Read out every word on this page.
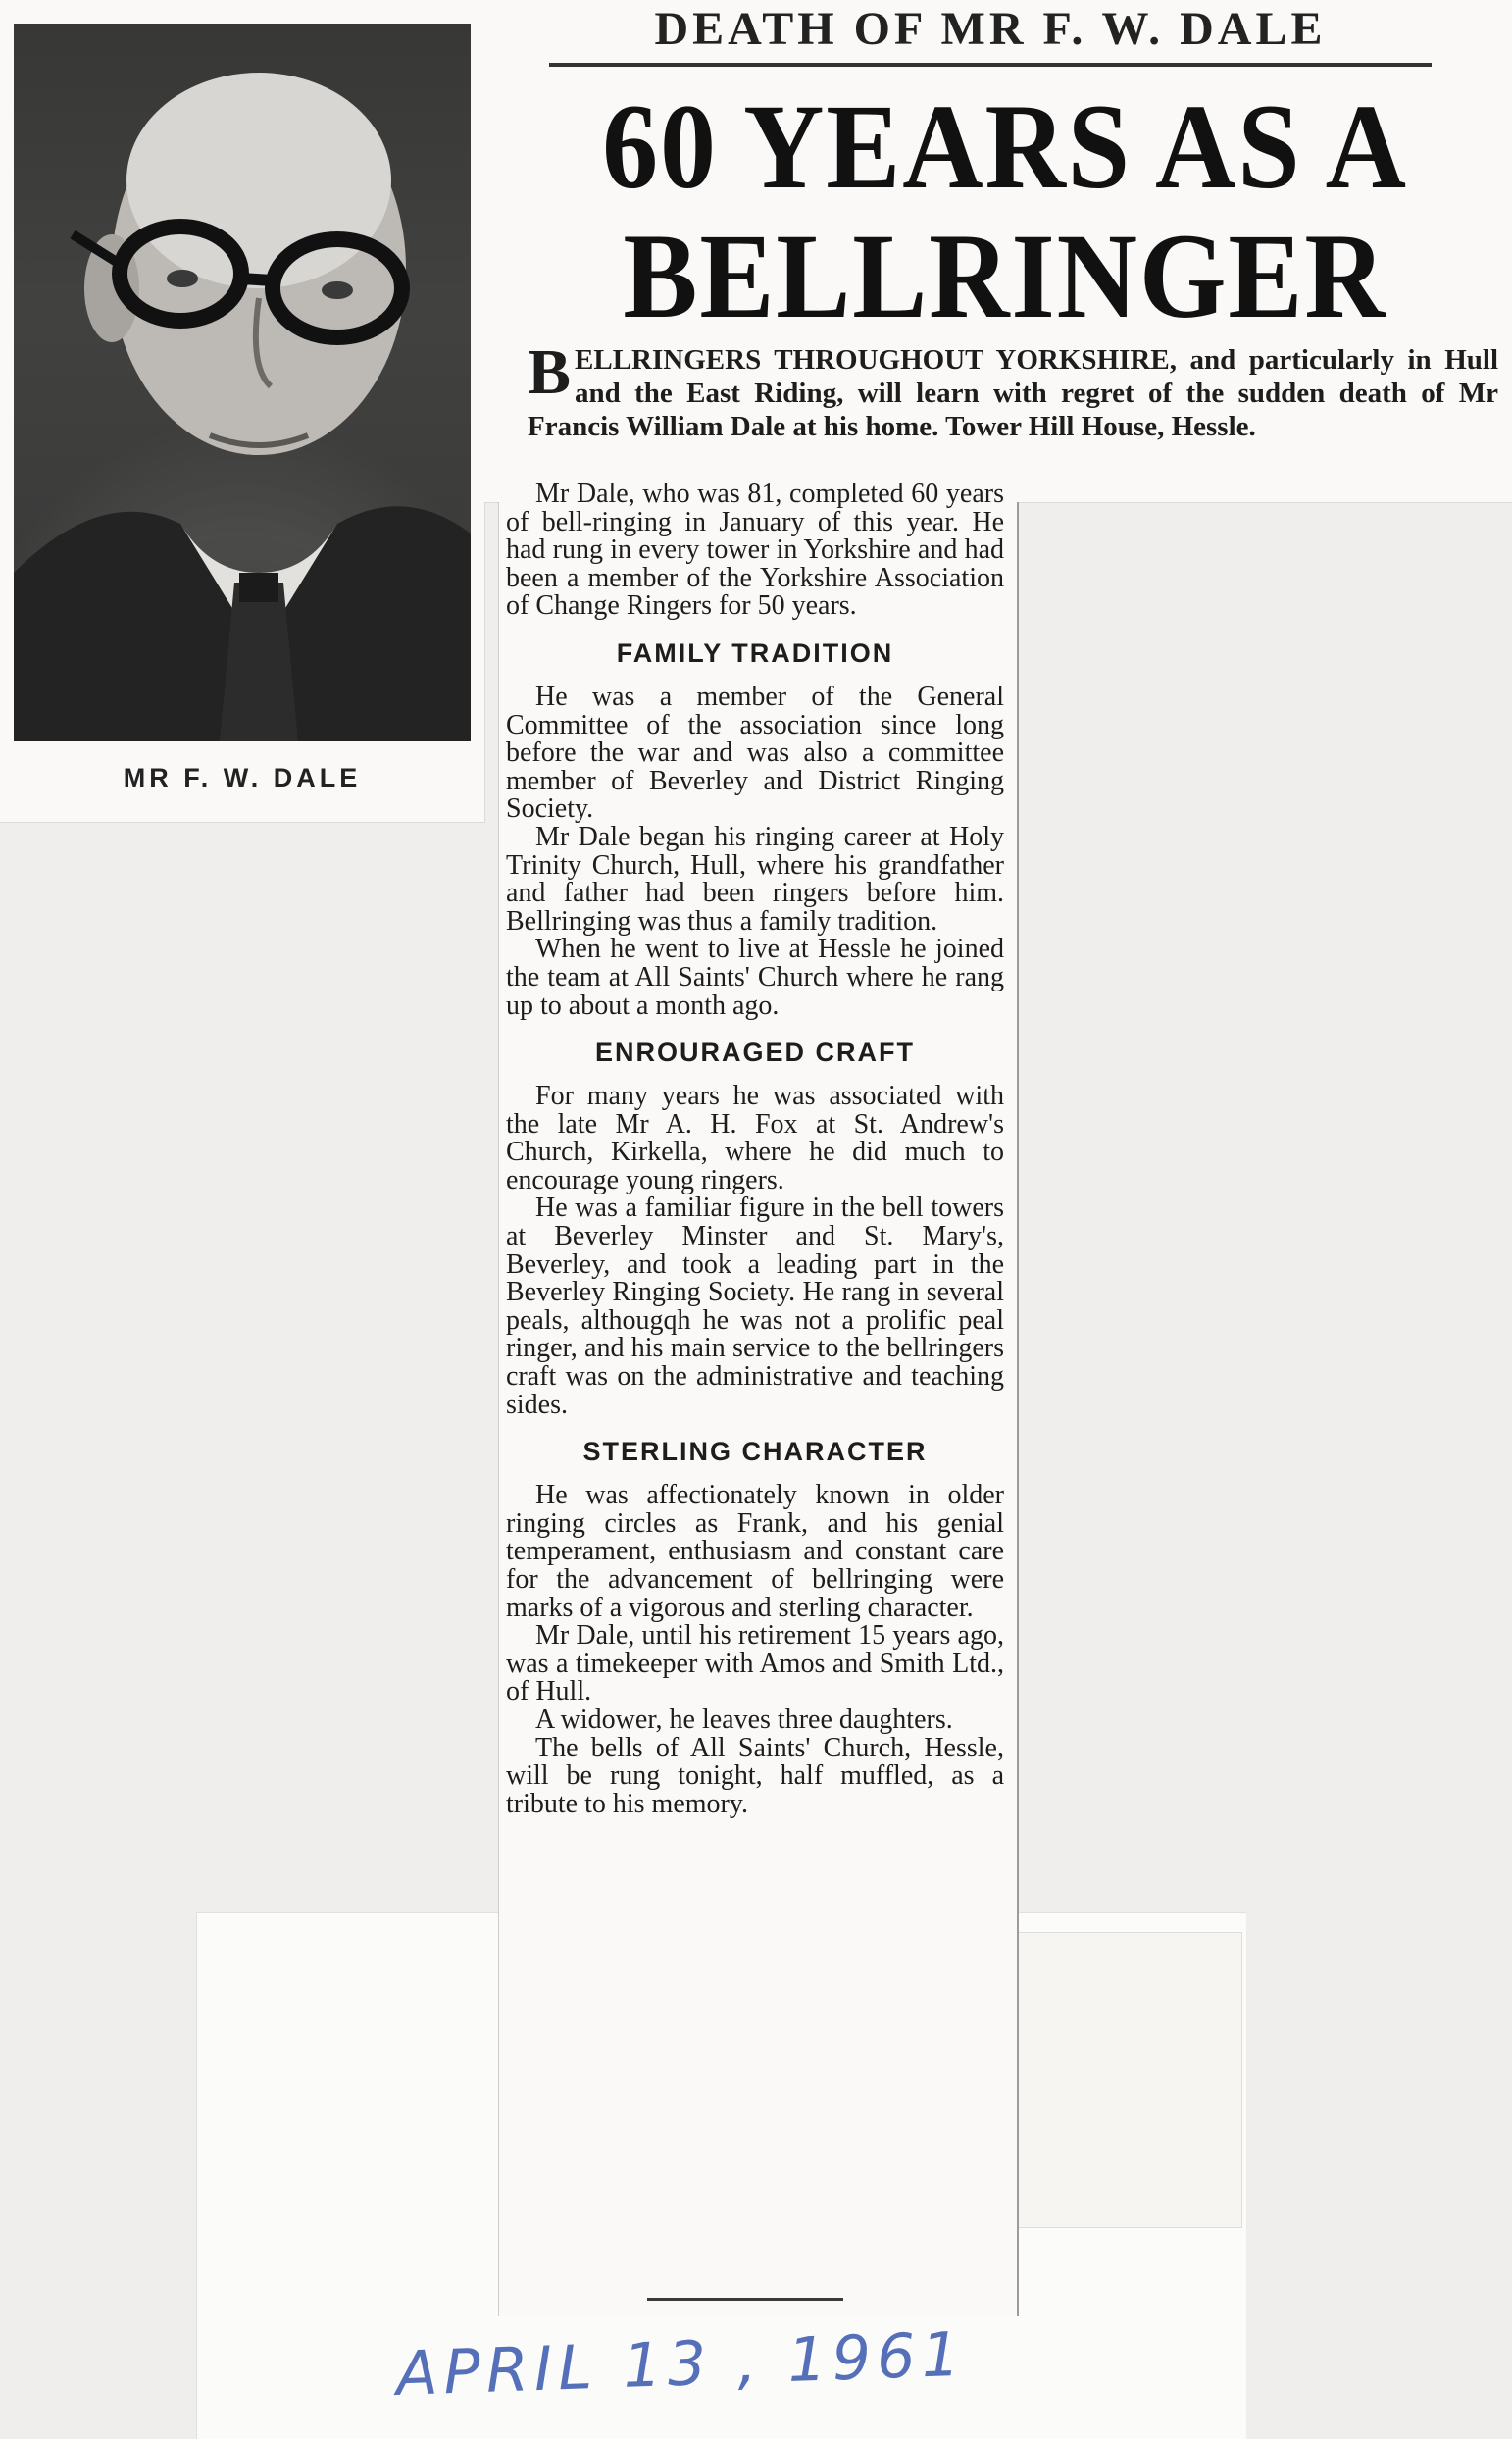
MR F. W. DALE
DEATH OF MR F. W. DALE
60 YEARS AS A
BELLRINGER
BELLRINGERS THROUGHOUT YORKSHIRE, and particularly in Hull and the East Riding, will learn with regret of the sudden death of Mr Francis William Dale at his home. Tower Hill House, Hessle.

Mr Dale, who was 81, completed 60 years of bell-ringing in January of this year. He had rung in every tower in Yorkshire and had been a member of the Yorkshire Association of Change Ringers for 50 years.

FAMILY TRADITION

He was a member of the General Committee of the association since long before the war and was also a committee member of Beverley and District Ringing Society.

Mr Dale began his ringing career at Holy Trinity Church, Hull, where his grandfather and father had been ringers before him. Bellringing was thus a family tradition.

When he went to live at Hessle he joined the team at All Saints' Church where he rang up to about a month ago.

ENROURAGED CRAFT

For many years he was associated with the late Mr A. H. Fox at St. Andrew's Church, Kirkella, where he did much to encourage young ringers.

He was a familiar figure in the bell towers at Beverley Minster and St. Mary's, Beverley, and took a leading part in the Beverley Ringing Society. He rang in several peals, althougqh he was not a prolific peal ringer, and his main service to the bellringers craft was on the administrative and teaching sides.

STERLING CHARACTER

He was affectionately known in older ringing circles as Frank, and his genial temperament, enthusiasm and constant care for the advancement of bellringing were marks of a vigorous and sterling character.

Mr Dale, until his retirement 15 years ago, was a timekeeper with Amos and Smith Ltd., of Hull.

A widower, he leaves three daughters.

The bells of All Saints' Church, Hessle, will be rung tonight, half muffled, as a tribute to his memory.

APRIL 13 , 1961
